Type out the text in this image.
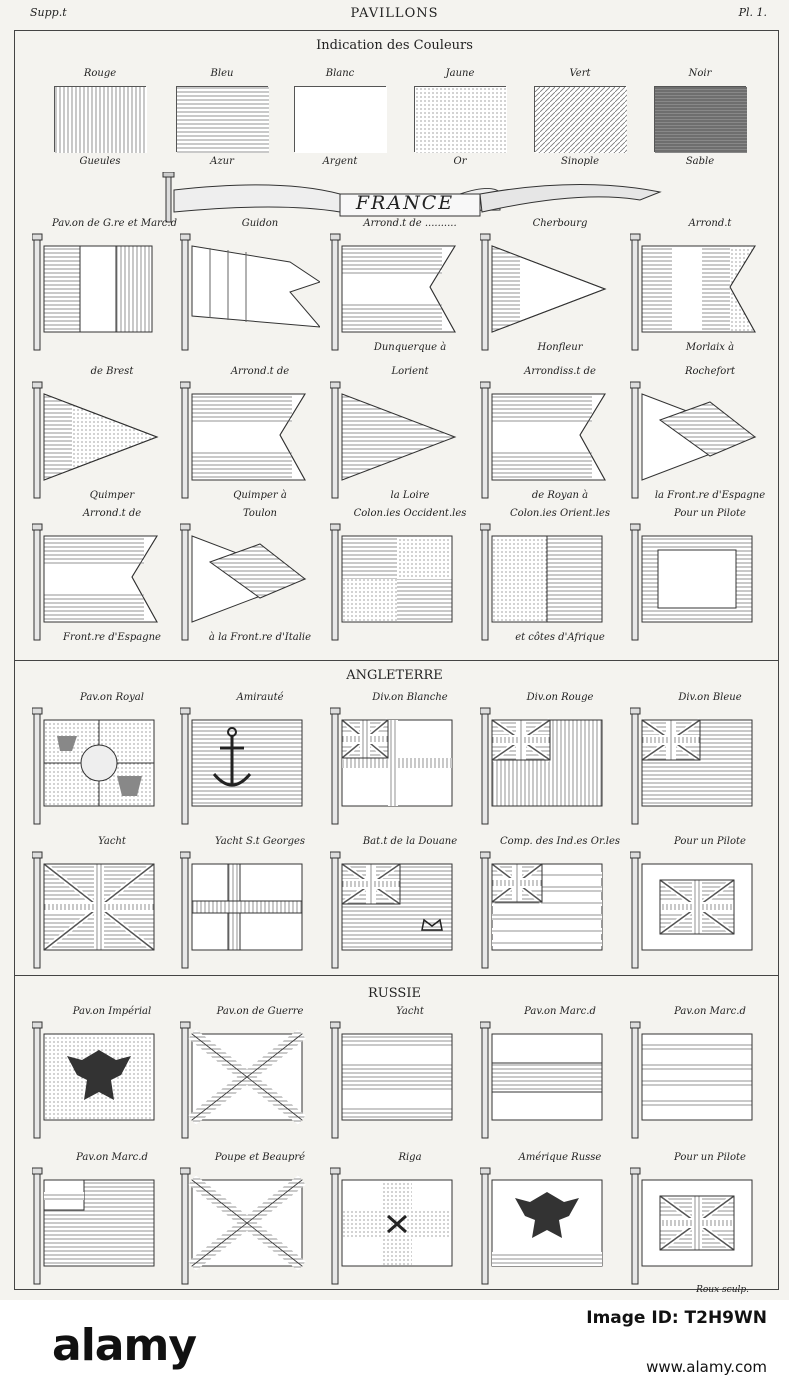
Supp.t	PAVILLONS	Pl. 1.
Indication des Couleurs
Rouge
Gueules
Bleu
Azur
Blanc
Argent
Jaune
Or
Vert
Sinople
Noir
Sable
FRANCE
ANGLETERRE
RUSSIE
Pav.on de G.re et Marc.d	Guidon	Arrond.t de ..........
Dunquerque à
Cherbourg
Honfleur
Arrond.t
Morlaix à
de Brest
Quimper
Arrond.t de
Quimper à
Lorient
la Loire
Arrondiss.t de
de Royan à
Rochefort
la Front.re d'Espagne
Arrond.t de
Front.re d'Espagne
Toulon
à la Front.re d'Italie
Colon.ies Occident.les	Colon.ies Orient.les
et côtes d'Afrique
Pour un Pilote
Pav.on Royal	Amirauté	Div.on Blanche	Div.on Rouge	Div.on Bleue
Yacht	Yacht S.t Georges	Bat.t de la Douane	Comp. des Ind.es Or.les	Pour un Pilote
Pav.on Impérial	Pav.on de Guerre	Yacht	Pav.on Marc.d	Pav.on Marc.d
Pav.on Marc.d	Poupe et Beaupré	Riga	Amérique Russe	Pour un Pilote
Roux sculp.
alamy
Image ID: T2H9WN
www.alamy.com
